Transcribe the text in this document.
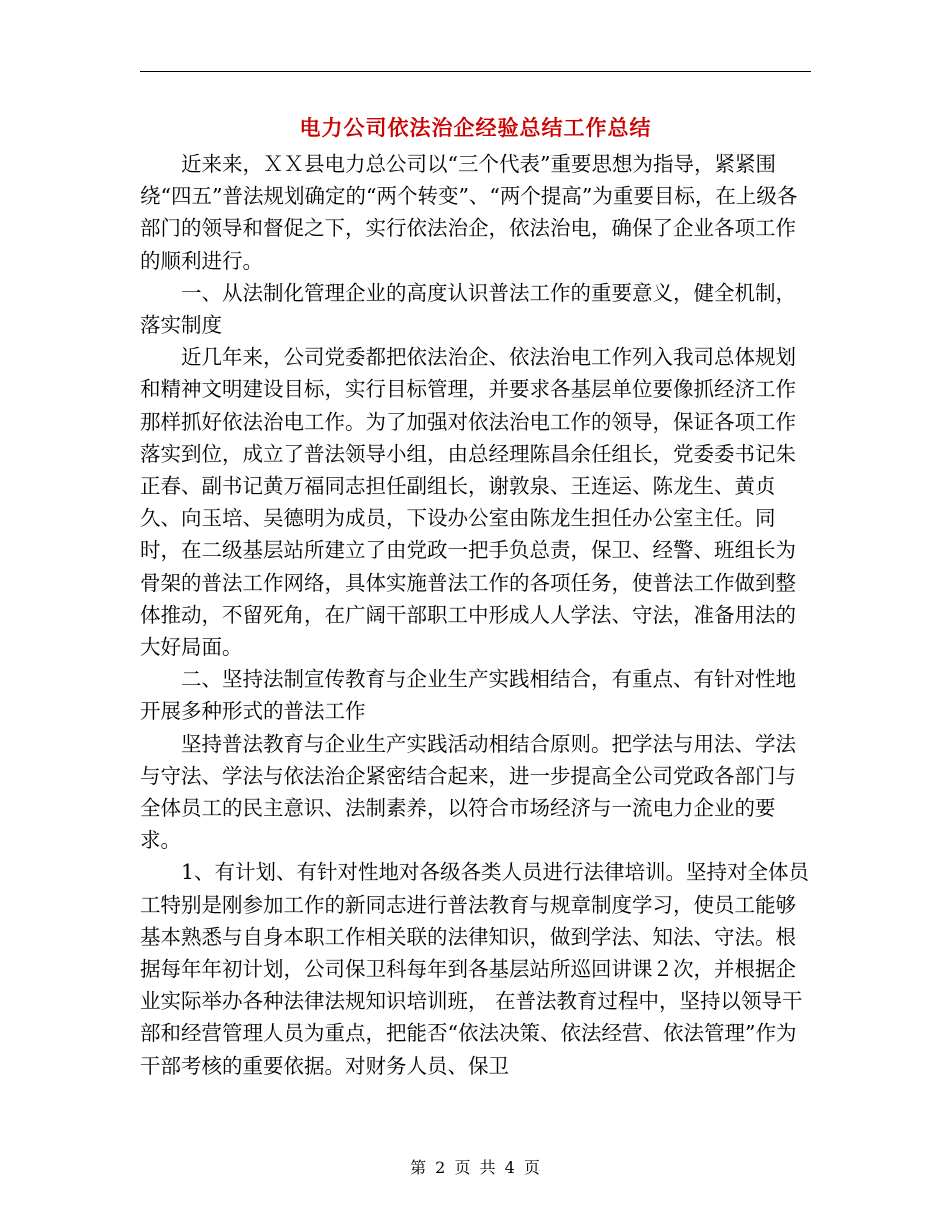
电力公司依法治企经验总结工作总结

近来来，ＸＸ县电力总公司以“三个代表”重要思想为指导，紧紧围绕“四五”普法规划确定的“两个转变”、“两个提高”为重要目标，在上级各部门的领导和督促之下，实行依法治企，依法治电，确保了企业各项工作的顺利进行。

一、从法制化管理企业的高度认识普法工作的重要意义，健全机制，落实制度

近几年来，公司党委都把依法治企、依法治电工作列入我司总体规划和精神文明建设目标，实行目标管理，并要求各基层单位要像抓经济工作那样抓好依法治电工作。为了加强对依法治电工作的领导，保证各项工作落实到位，成立了普法领导小组，由总经理陈昌余任组长，党委委书记朱正春、副书记黄万福同志担任副组长，谢敦泉、王连运、陈龙生、黄贞久、向玉培、吴德明为成员，下设办公室由陈龙生担任办公室主任。同时，在二级基层站所建立了由党政一把手负总责，保卫、经警、班组长为骨架的普法工作网络，具体实施普法工作的各项任务，使普法工作做到整体推动，不留死角，在广阔干部职工中形成人人学法、守法，准备用法的大好局面。

二、坚持法制宣传教育与企业生产实践相结合，有重点、有针对性地开展多种形式的普法工作

坚持普法教育与企业生产实践活动相结合原则。把学法与用法、学法与守法、学法与依法治企紧密结合起来，进一步提高全公司党政各部门与全体员工的民主意识、法制素养，以符合市场经济与一流电力企业的要求。

1、有计划、有针对性地对各级各类人员进行法律培训。坚持对全体员工特别是刚参加工作的新同志进行普法教育与规章制度学习，使员工能够基本熟悉与自身本职工作相关联的法律知识，做到学法、知法、守法。根据每年年初计划，公司保卫科每年到各基层站所巡回讲课２次，并根据企业实际举办各种法律法规知识培训班， 在普法教育过程中，坚持以领导干部和经营管理人员为重点，把能否“依法决策、依法经营、依法管理”作为干部考核的重要依据。对财务人员、保卫

第 2 页 共 4 页
